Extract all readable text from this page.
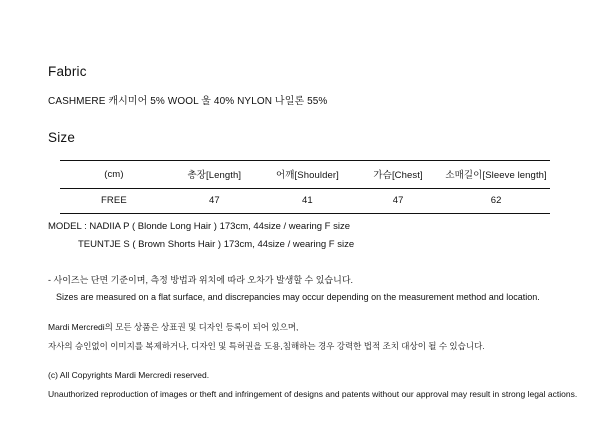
Fabric
CASHMERE 캐시미어 5% WOOL 울 40% NYLON 나일론 55%
Size
(cm)	총장[Length]	어깨[Shoulder]	가슴[Chest]	소매길이[Sleeve length]
FREE	47	41	47	62
MODEL : NADIIA P ( Blonde Long Hair ) 173cm, 44size / wearing F size
TEUNTJE S ( Brown Shorts Hair ) 173cm, 44size / wearing F size
- 사이즈는 단면 기준이며, 측정 방법과 위치에 따라 오차가 발생할 수 있습니다.
Sizes are measured on a flat surface, and discrepancies may occur depending on the measurement method and location.
Mardi Mercredi의 모든 상품은 상표권 및 디자인 등록이 되어 있으며,
자사의 승인없이 이미지를 복제하거나, 디자인 및 특허권을 도용,침해하는 경우 강력한 법적 조치 대상이 될 수 있습니다.
(c) All Copyrights Mardi Mercredi reserved.
Unauthorized reproduction of images or theft and infringement of designs and patents without our approval may result in strong legal actions.
